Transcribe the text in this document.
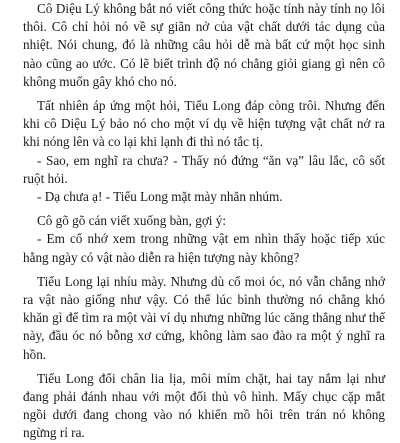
Cô Diệu Lý không bắt nó viết công thức hoặc tính này tính nọ lôi thôi. Cô chỉ hỏi nó về sự giãn nở của vật chất dưới tác dụng của nhiệt. Nói chung, đó là những câu hỏi dễ mà bất cứ một học sinh nào cũng ao ước. Có lẽ biết trình độ nó chẳng giỏi giang gì nên cô không muốn gây khó cho nó.

Tất nhiên áp ứng một hỏi, Tiểu Long đáp còng trôi. Nhưng đến khi cô Diệu Lý bảo nó cho một ví dụ về hiện tượng vật chất nở ra khi nóng lên và co lại khi lạnh đi thì nó tắc tị.

- Sao, em nghĩ ra chưa? - Thấy nó đứng “ăn vạ” lâu lắc, cô sốt ruột hỏi.

- Dạ chưa ạ! - Tiểu Long mặt mày nhăn nhúm.

Cô gõ gõ cán viết xuống bàn, gợi ý:

- Em cố nhớ xem trong những vật em nhìn thấy hoặc tiếp xúc hằng ngày có vật nào diễn ra hiện tượng này không?

Tiểu Long lại nhíu mày. Nhưng dù cố moi óc, nó vẫn chẳng nhớ ra vật nào giống như vậy. Có thể lúc bình thường nó chẳng khó khăn gì để tìm ra một vài ví dụ nhưng những lúc căng thẳng như thế này, đầu óc nó bỗng xơ cứng, không làm sao đào ra một ý nghĩ ra hồn.

Tiểu Long đổi chân lia lịa, môi mím chặt, hai tay nắm lại như đang phải đánh nhau với một đối thủ vô hình. Mấy chục cặp mắt ngồi dưới đang chong vào nó khiến mồ hôi trên trán nó không ngừng rỉ ra.
